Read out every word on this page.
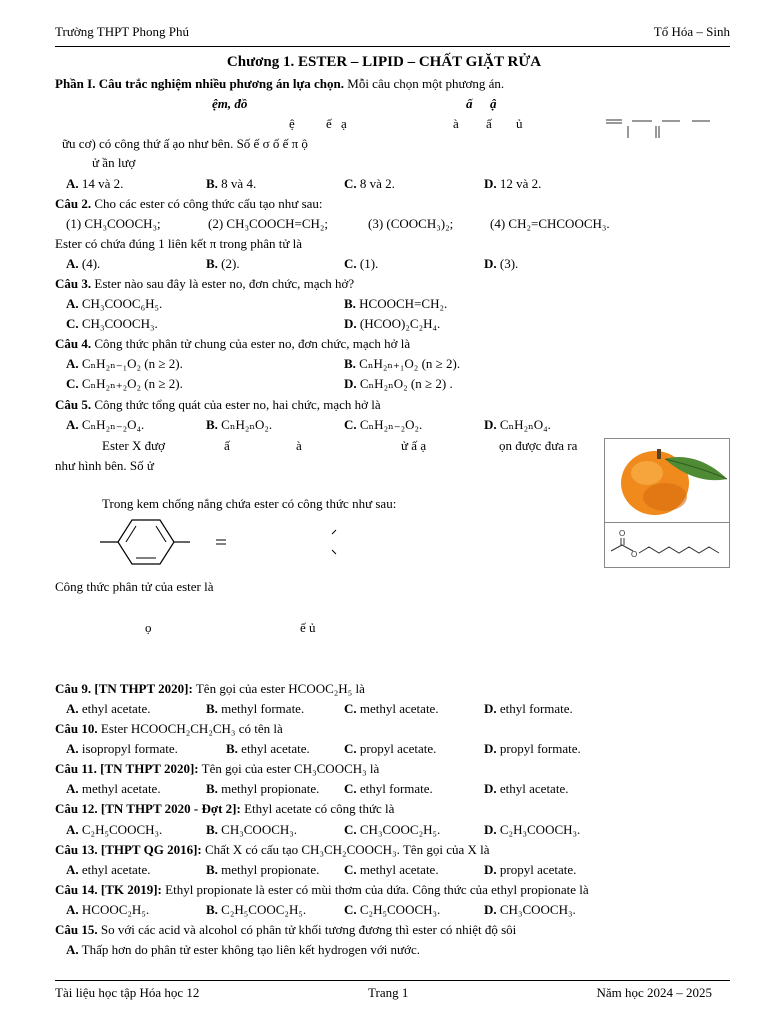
Trường THPT Phong Phú	Tổ Hóa – Sinh
Chương 1. ESTER – LIPID – CHẤT GIẶT RỬA
Phần I. Câu trắc nghiệm nhiều phương án lựa chọn. Mỗi câu chọn một phương án.
ệm, đồ	ấ ậ
ệ ế ạ	à ấ ủ
ữu cơ) có công thứ ấ ạo như bên. Số ế σ ố ế π ộ
ử ần lượ
A. 14 và 2.	B. 8 và 4.	C. 8 và 2.	D. 12 và 2.
Câu 2. Cho các ester có công thức cấu tạo như sau:
(1) CH₃COOCH₃;	(2) CH₃COOCH=CH₂;	(3) (COOCH₃)₂;	(4) CH₂=CHCOOCH₃.
Ester có chứa đúng 1 liên kết π trong phân tử là
A. (4).	B. (2).	C. (1).	D. (3).
Câu 3. Ester nào sau đây là ester no, đơn chức, mạch hở?
A. CH₃COOC₆H₅.	B. HCOOCH=CH₂.
C. CH₃COOCH₃.	D. (HCOO)₂C₂H₄.
Câu 4. Công thức phân tử chung của ester no, đơn chức, mạch hở là
A. CₙH₂ₙ₋₁O₂ (n ≥ 2).	B. CₙH₂ₙ₊₁O₂ (n ≥ 2).
C. CₙH₂ₙ₊₂O₂ (n ≥ 2).	D. CₙH₂ₙO₂ (n ≥ 2) .
Câu 5. Công thức tổng quát của ester no, hai chức, mạch hở là
A. CₙH₂ₙ₋₂O₄.	B. CₙH₂ₙO₂.	C. CₙH₂ₙ₋₂O₂.	D. CₙH₂ₙO₄.
Ester X đượ	ấ	à	ử ấ ạ	ọn được đưa ra
như hình bên. Số ử
O
O
Trong kem chống nắng chứa ester có công thức như sau:
Công thức phân tử của ester là
ọ	ế ủ
Câu 9. [TN THPT 2020]: Tên gọi của ester HCOOC₂H₅ là
A. ethyl acetate.	B. methyl formate.	C. methyl acetate.	D. ethyl formate.
Câu 10. Ester HCOOCH₂CH₂CH₃ có tên là
A. isopropyl formate.	B. ethyl acetate.	C. propyl acetate.	D. propyl formate.
Câu 11. [TN THPT 2020]: Tên gọi của ester CH₃COOCH₃ là
A. methyl acetate.	B. methyl propionate. C. ethyl formate.	D. ethyl acetate.
Câu 12. [TN THPT 2020 - Đợt 2]: Ethyl acetate có công thức là
A. C₂H₅COOCH₃.	B. CH₃COOCH₃.	C. CH₃COOC₂H₅.	D. C₂H₃COOCH₃.
Câu 13. [THPT QG 2016]: Chất X có cấu tạo CH₃CH₂COOCH₃. Tên gọi của X là
A. ethyl acetate.	B. methyl propionate. C. methyl acetate.	D. propyl acetate.
Câu 14. [TK 2019]: Ethyl propionate là ester có mùi thơm của dứa. Công thức của ethyl propionate là
A. HCOOC₂H₅.	B. C₂H₅COOC₂H₅.	C. C₂H₅COOCH₃.	D. CH₃COOCH₃.
Câu 15. So với các acid và alcohol có phân tử khối tương đương thì ester có nhiệt độ sôi
A. Thấp hơn do phân tử ester không tạo liên kết hydrogen với nước.
Tài liệu học tập Hóa học 12	Trang 1	Năm học 2024 – 2025
